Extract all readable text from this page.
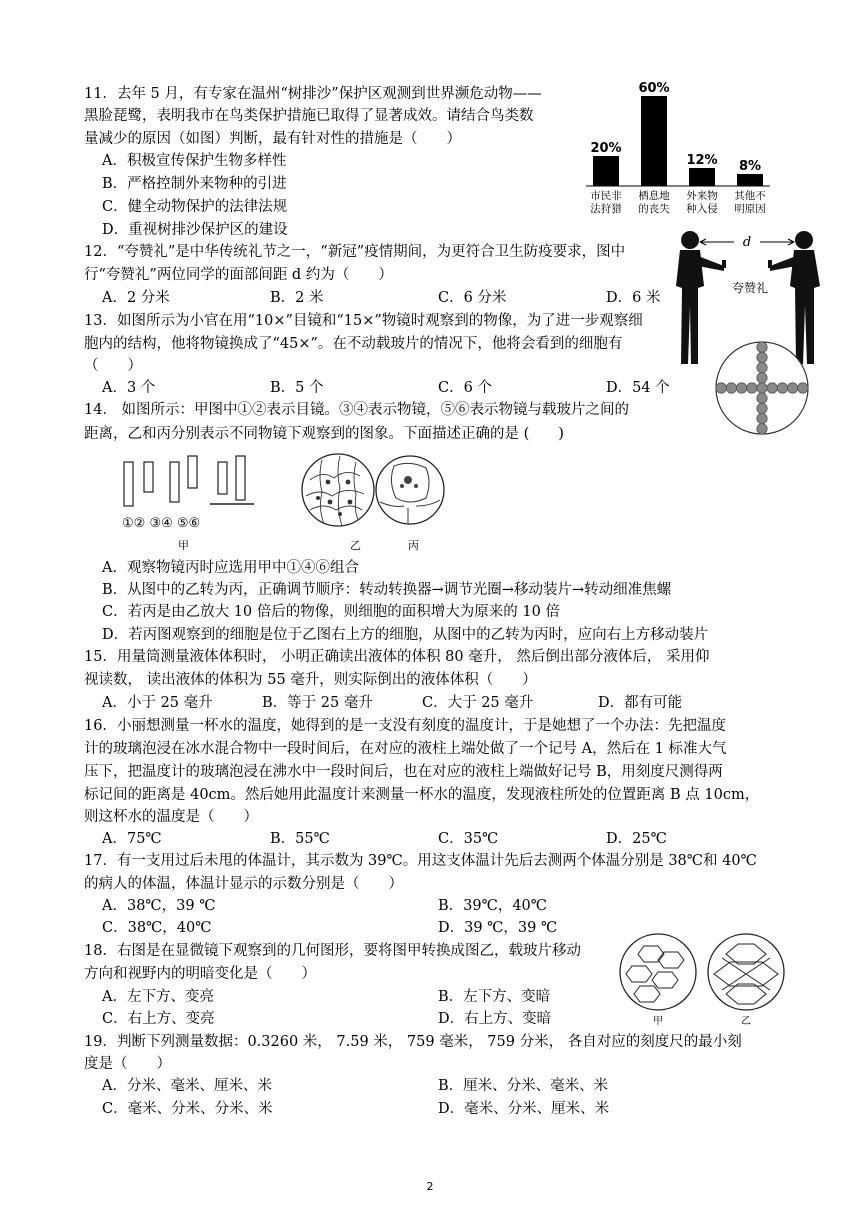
11．去年 5 月，有专家在温州“树排沙”保护区观测到世界濒危动物——
黑脸琵鹭，表明我市在鸟类保护措施已取得了显著成效。请结合鸟类数
量减少的原因（如图）判断，最有针对性的措施是（　　）
A．积极宣传保护生物多样性
B．严格控制外来物种的引进
C．健全动物保护的法律法规
D．重视树排沙保护区的建设
20%
市民非
法狩猎
60%
栖息地
的丧失
12%
外来物
种入侵
8%
其他不
明原因
12．“夸赞礼”是中华传统礼节之一，“新冠”疫情期间，为更符合卫生防疫要求，图中
行“夸赞礼”两位同学的面部间距 d 约为（　　）
A．2 分米	B．2 米	C．6 分米	D．6 米
d
夸赞礼
13．如图所示为小官在用“10×”目镜和“15×”物镜时观察到的物像，为了进一步观察细
胞内的结构，他将物镜换成了“45×”。在不动载玻片的情况下，他将会看到的细胞有
（　　）
A．3 个	B．5 个	C．6 个	D．54 个
14． 如图所示：甲图中①②表示目镜。③④表示物镜，⑤⑥表示物镜与载玻片之间的
距离，乙和丙分别表示不同物镜下观察到的图象。下面描述正确的是 (　　)
①② ③④ ⑤⑥
甲	乙	丙
A．观察物镜丙时应选用甲中①④⑥组合
B．从图中的乙转为丙，正确调节顺序：转动转换器→调节光圈→移动装片→转动细准焦螺
C．若丙是由乙放大 10 倍后的物像，则细胞的面积增大为原来的 10 倍
D．若丙图观察到的细胞是位于乙图右上方的细胞，从图中的乙转为丙时，应向右上方移动装片
15．用量筒测量液体体积时， 小明正确读出液体的体积 80 毫升， 然后倒出部分液体后， 采用仰
视读数， 读出液体的体积为 55 毫升，则实际倒出的液体体积（　　）
A．小于 25 毫升	B．等于 25 毫升	C．大于 25 毫升	D．都有可能
16．小丽想测量一杯水的温度，她得到的是一支没有刻度的温度计，于是她想了一个办法：先把温度
计的玻璃泡浸在冰水混合物中一段时间后，在对应的液柱上端处做了一个记号 A，然后在 1 标准大气
压下，把温度计的玻璃泡浸在沸水中一段时间后，也在对应的液柱上端做好记号 B，用刻度尺测得两
标记间的距离是 40cm。然后她用此温度计来测量一杯水的温度，发现液柱所处的位置距离 B 点 10cm，
则这杯水的温度是（　　）
A．75℃	B．55℃	C．35℃	D．25℃
17．有一支用过后未甩的体温计，其示数为 39℃。用这支体温计先后去测两个体温分别是 38℃和 40℃
的病人的体温，体温计显示的示数分别是（　　）
A．38℃，39 ℃	B．39℃，40℃
C．38℃，40℃	D．39 ℃，39 ℃
18．右图是在显微镜下观察到的几何图形，要将图甲转换成图乙，载玻片移动
方向和视野内的明暗变化是（　　）
A．左下方、变亮	B．左下方、变暗
C．右上方、变亮	D．右上方、变暗	甲	乙
19．判断下列测量数据：0.3260 米， 7.59 米， 759 毫米， 759 分米， 各自对应的刻度尺的最小刻
度是（　　）
A．分米、毫米、厘米、米	B．厘米、分米、毫米、米
C．毫米、分米、分米、米	D．毫米、分米、厘米、米
2
